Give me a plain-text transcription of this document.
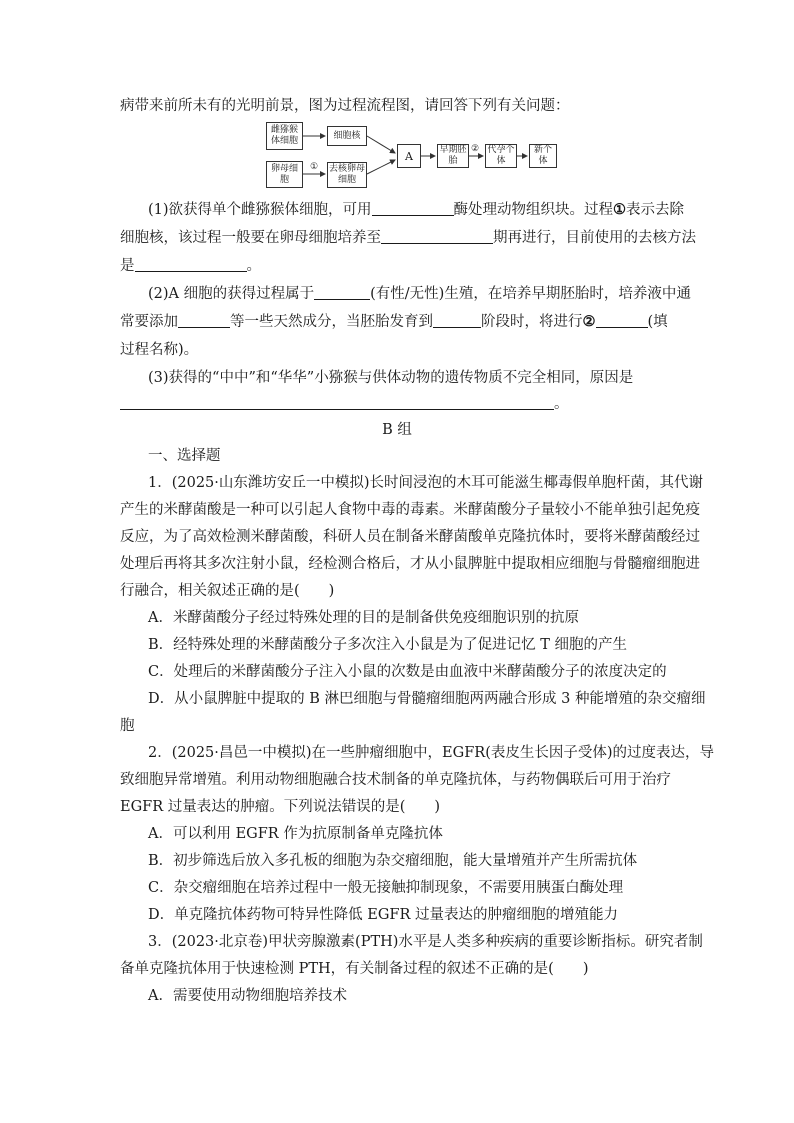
病带来前所未有的光明前景，图为过程流程图，请回答下列有关问题：
雌猕猴体细胞
细胞核
卵母细胞
① 去核卵母细胞
A	早期胚胎
② 代孕个体
新个体
(1)欲获得单个雌猕猴体细胞，可用	酶处理动物组织块。过程①表示去除
细胞核，该过程一般要在卵母细胞培养至	期再进行，目前使用的去核方法
是	。
(2)A 细胞的获得过程属于	(有性/无性)生殖，在培养早期胚胎时，培养液中通
常要添加	等一些天然成分，当胚胎发育到	阶段时，将进行②	(填
过程名称)。
(3)获得的“中中”和“华华”小猕猴与供体动物的遗传物质不完全相同，原因是
。
B 组
一、选择题
1．(2025·山东潍坊安丘一中模拟)长时间浸泡的木耳可能滋生椰毒假单胞杆菌，其代谢
产生的米酵菌酸是一种可以引起人食物中毒的毒素。米酵菌酸分子量较小不能单独引起免疫
反应，为了高效检测米酵菌酸，科研人员在制备米酵菌酸单克隆抗体时，要将米酵菌酸经过
处理后再将其多次注射小鼠，经检测合格后，才从小鼠脾脏中提取相应细胞与骨髓瘤细胞进
行融合，相关叙述正确的是(　　)
A．米酵菌酸分子经过特殊处理的目的是制备供免疫细胞识别的抗原
B．经特殊处理的米酵菌酸分子多次注入小鼠是为了促进记忆 T 细胞的产生
C．处理后的米酵菌酸分子注入小鼠的次数是由血液中米酵菌酸分子的浓度决定的
D．从小鼠脾脏中提取的 B 淋巴细胞与骨髓瘤细胞两两融合形成 3 种能增殖的杂交瘤细
胞
2．(2025·昌邑一中模拟)在一些肿瘤细胞中，EGFR(表皮生长因子受体)的过度表达，导
致细胞异常增殖。利用动物细胞融合技术制备的单克隆抗体，与药物偶联后可用于治疗
EGFR 过量表达的肿瘤。下列说法错误的是(　　)
A．可以利用 EGFR 作为抗原制备单克隆抗体
B．初步筛选后放入多孔板的细胞为杂交瘤细胞，能大量增殖并产生所需抗体
C．杂交瘤细胞在培养过程中一般无接触抑制现象，不需要用胰蛋白酶处理
D．单克隆抗体药物可特异性降低 EGFR 过量表达的肿瘤细胞的增殖能力
3．(2023·北京卷)甲状旁腺激素(PTH)水平是人类多种疾病的重要诊断指标。研究者制
备单克隆抗体用于快速检测 PTH，有关制备过程的叙述不正确的是(　　)
A．需要使用动物细胞培养技术
